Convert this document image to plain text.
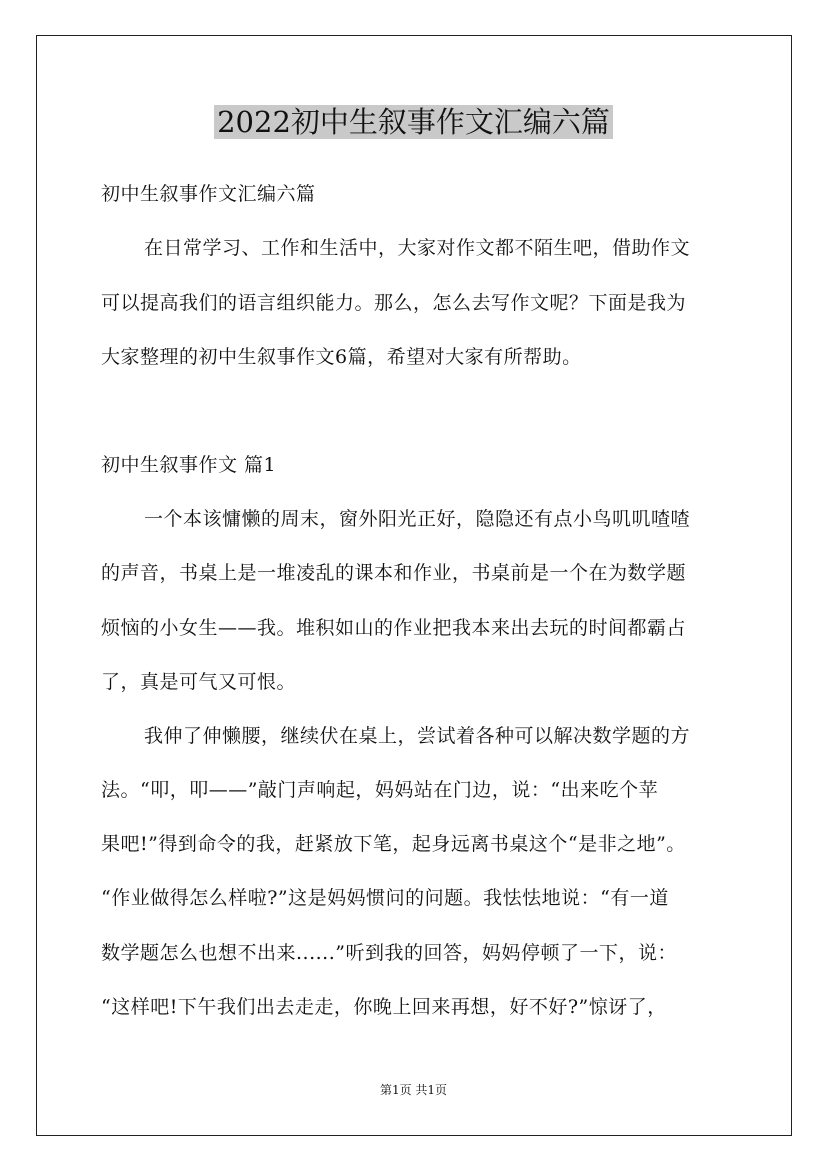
2022初中生叙事作文汇编六篇
初中生叙事作文汇编六篇
在日常学习、工作和生活中，大家对作文都不陌生吧，借助作文
可以提高我们的语言组织能力。那么，怎么去写作文呢？下面是我为
大家整理的初中生叙事作文6篇，希望对大家有所帮助。
初中生叙事作文 篇1
一个本该慵懒的周末，窗外阳光正好，隐隐还有点小鸟叽叽喳喳
的声音，书桌上是一堆凌乱的课本和作业，书桌前是一个在为数学题
烦恼的小女生——我。堆积如山的作业把我本来出去玩的时间都霸占
了，真是可气又可恨。
我伸了伸懒腰，继续伏在桌上，尝试着各种可以解决数学题的方
法。“叩，叩——”敲门声响起，妈妈站在门边，说：“出来吃个苹
果吧!”得到命令的我，赶紧放下笔，起身远离书桌这个“是非之地”。
“作业做得怎么样啦?”这是妈妈惯问的问题。我怯怯地说：“有一道
数学题怎么也想不出来......”听到我的回答，妈妈停顿了一下，说：
“这样吧!下午我们出去走走，你晚上回来再想，好不好?”惊讶了，
第1页 共1页
